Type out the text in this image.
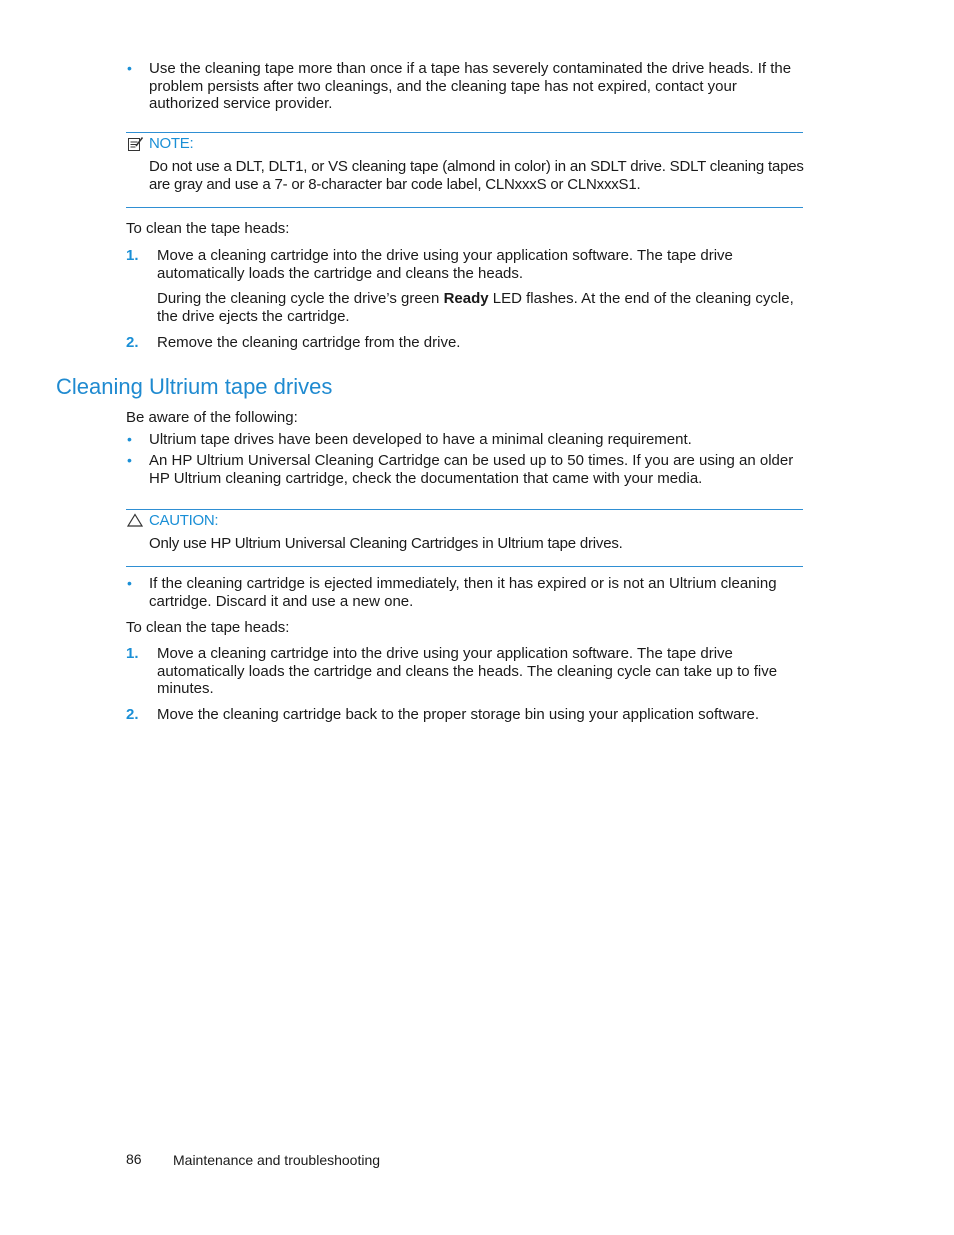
• Use the cleaning tape more than once if a tape has severely contaminated the drive heads. If the problem persists after two cleanings, and the cleaning tape has not expired, contact your authorized service provider.
NOTE:
Do not use a DLT, DLT1, or VS cleaning tape (almond in color) in an SDLT drive. SDLT cleaning tapes are gray and use a 7- or 8-character bar code label, CLNxxxS or CLNxxxS1.
To clean the tape heads:
1. Move a cleaning cartridge into the drive using your application software. The tape drive automatically loads the cartridge and cleans the heads.
During the cleaning cycle the drive’s green Ready LED flashes. At the end of the cleaning cycle, the drive ejects the cartridge.
2. Remove the cleaning cartridge from the drive.
Cleaning Ultrium tape drives
Be aware of the following:
• Ultrium tape drives have been developed to have a minimal cleaning requirement.
• An HP Ultrium Universal Cleaning Cartridge can be used up to 50 times. If you are using an older HP Ultrium cleaning cartridge, check the documentation that came with your media.
CAUTION:
Only use HP Ultrium Universal Cleaning Cartridges in Ultrium tape drives.
• If the cleaning cartridge is ejected immediately, then it has expired or is not an Ultrium cleaning cartridge. Discard it and use a new one.
To clean the tape heads:
1. Move a cleaning cartridge into the drive using your application software. The tape drive automatically loads the cartridge and cleans the heads. The cleaning cycle can take up to five minutes.
2. Move the cleaning cartridge back to the proper storage bin using your application software.
86 Maintenance and troubleshooting
